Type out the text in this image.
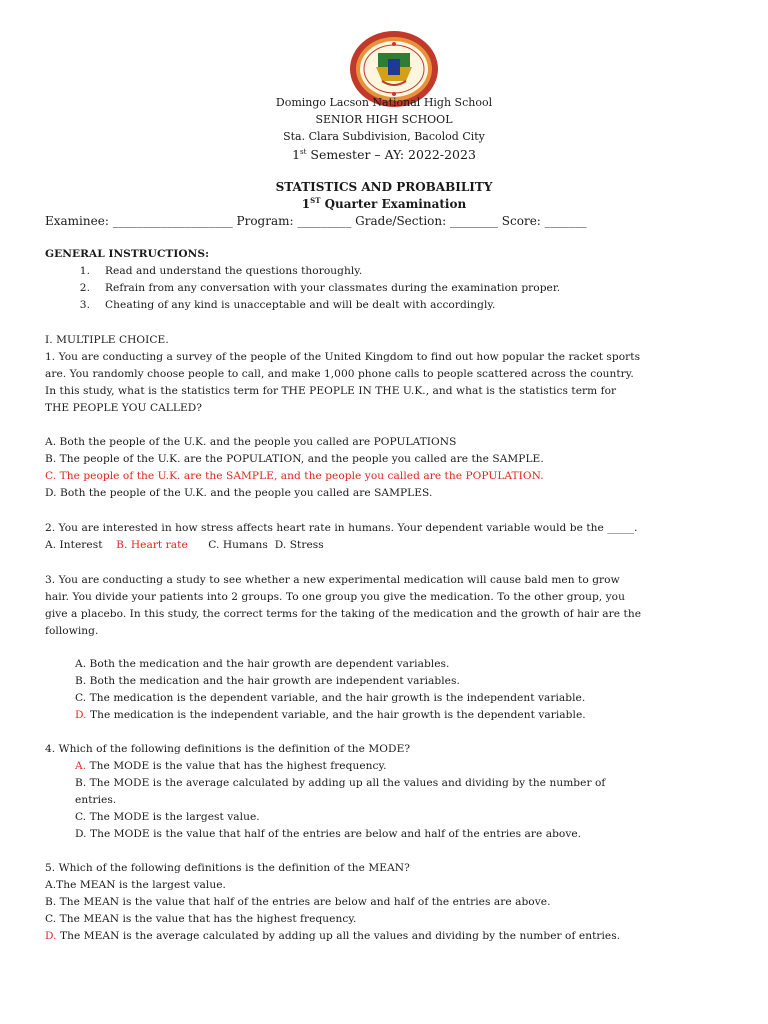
Domingo Lacson National High School
SENIOR HIGH SCHOOL
Sta. Clara Subdivision, Bacolod City
1st Semester – AY: 2022-2023
STATISTICS AND PROBABILITY
1ST Quarter Examination
Examinee: ____________________ Program: _________ Grade/Section: ________ Score: _______
GENERAL INSTRUCTIONS:
1. Read and understand the questions thoroughly.
2. Refrain from any conversation with your classmates during the examination proper.
3. Cheating of any kind is unacceptable and will be dealt with accordingly.
I. MULTIPLE CHOICE.
1. You are conducting a survey of the people of the United Kingdom to find out how popular the racket sports
are. You randomly choose people to call, and make 1,000 phone calls to people scattered across the country.
In this study, what is the statistics term for THE PEOPLE IN THE U.K., and what is the statistics term for
THE PEOPLE YOU CALLED?
A. Both the people of the U.K. and the people you called are POPULATIONS
B. The people of the U.K. are the POPULATION, and the people you called are the SAMPLE.
C. The people of the U.K. are the SAMPLE, and the people you called are the POPULATION.
D. Both the people of the U.K. and the people you called are SAMPLES.
2. You are interested in how stress affects heart rate in humans. Your dependent variable would be the _____.
A. Interest B. Heart rate C. Humans D. Stress
3. You are conducting a study to see whether a new experimental medication will cause bald men to grow
hair. You divide your patients into 2 groups. To one group you give the medication. To the other group, you
give a placebo. In this study, the correct terms for the taking of the medication and the growth of hair are the
following.
A. Both the medication and the hair growth are dependent variables.
B. Both the medication and the hair growth are independent variables.
C. The medication is the dependent variable, and the hair growth is the independent variable.
D. The medication is the independent variable, and the hair growth is the dependent variable.
4. Which of the following definitions is the definition of the MODE?
A. The MODE is the value that has the highest frequency.
B. The MODE is the average calculated by adding up all the values and dividing by the number of
entries.
C. The MODE is the largest value.
D. The MODE is the value that half of the entries are below and half of the entries are above.
5. Which of the following definitions is the definition of the MEAN?
A.The MEAN is the largest value.
B. The MEAN is the value that half of the entries are below and half of the entries are above.
C. The MEAN is the value that has the highest frequency.
D. The MEAN is the average calculated by adding up all the values and dividing by the number of entries.
